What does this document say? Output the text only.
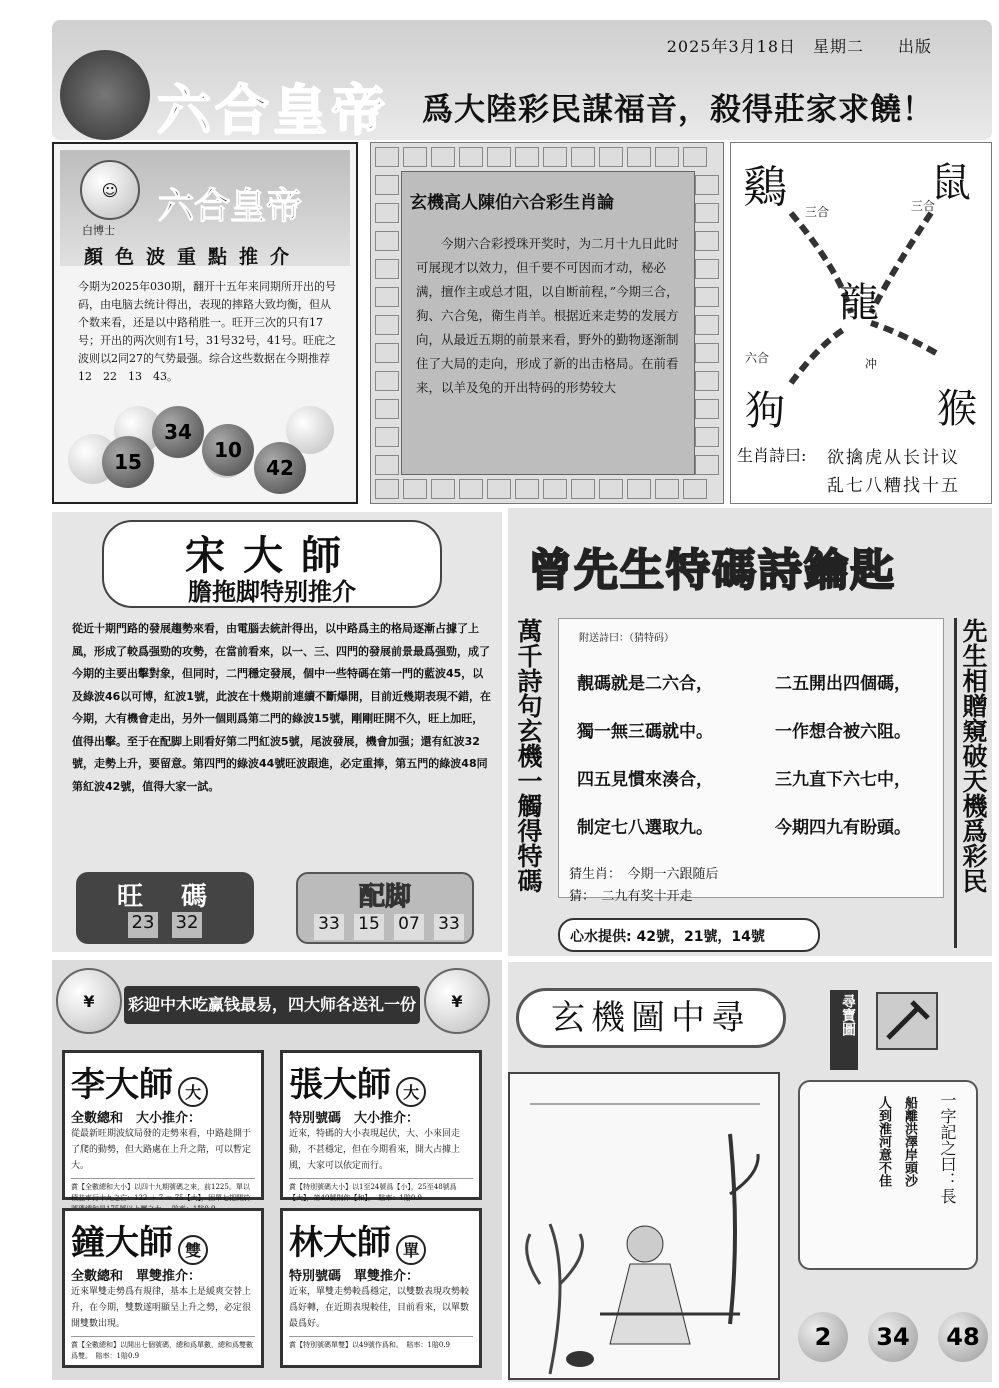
2025年3月18日　星期二　　出版
六合皇帝 爲大陸彩民謀福音，殺得莊家求饒！
☺
白博士
六合皇帝
顏色波重點推介
今期为2025年030期，翻开十五年来同期所开出的号码，由电脑去统计得出，表现的摔路大致均衡，但从个数来看，还是以中路稍胜一。旺开三次的只有17号；开出的两次则有1号，31号32号，41号。旺庇之波则以2同27的气势最强。综合这些数据在今期推荐12　22　13　43。
15
34
10
42
玄機高人陳伯六合彩生肖論
今期六合彩授珠开奖时，为二月十九日此时可展现才以效力，但千要不可因而才动，秘必满，擅作主或总才阻，以自断前程，”今期三合，狗、六合兔，衛生肖羊。根据近来走势的发展方向，从最近五期的前景来看，野外的勤物逐渐制住了大局的走向，形成了新的出击格局。在前看来，以羊及兔的开出特码的形势较大
鷄	鼠
龍
狗	猴
三合	三合
六合	冲
生肖詩曰: 欲擒虎从长计议
乱七八糟找十五
宋大師
膽拖脚特别推介
從近十期門路的發展趨勢來看，由電腦去統計得出，以中路爲主的格局逐漸占據了上風，形成了較爲强勁的攻勢，在當前看來，以一、三、四門的發展前景最爲强勁，成了今期的主要出擊對象，但同时，二門穩定發展，個中一些特碼在第一門的藍波45，以及綠波46以可博，紅波1號，此波在十幾期前連續不斷爆開，目前近幾期表現不錯，在今期，大有機會走出，另外一個則爲第二門的綠波15號，剛剛旺開不久，旺上加旺，值得出擊。至于在配脚上則看好第二門紅波5號，尾波發展，機會加强；還有紅波32號，走勢上升，要留意。第四門的綠波44號旺波跟進，必定重捧，第五門的綠波48同第紅波42號，值得大家一試。
旺　碼
23 32
配脚
33 15 07 33
曾先生特碼詩鑰匙
萬千詩句玄機一觸得特碼	先生相贈窺破天機爲彩民
附送詩曰：（猜特码）
靚碼就是二六合，	二五開出四個碼，
獨一無三碼就中。	一作想合被六阻。
四五見慣來湊合，	三九直下六七中，
制定七八選取九。	今期四九有盼頭。
猜生肖：　今期一六跟随后
猜：　二九有奖十开走
心水提供: 42號，21號，14號
¥	¥
彩迎中木吃赢钱最易，四大师各送礼一份
李大師 大
全數總和　大小推介：
從最新旺期波紋局發的走勢來看，中路趁開于了爬的動勢，但大路處在上升之階，可以暫定大。
賞【全數總和大小】以四十九期號碼之來，前1225。單以積並率行十九之亡：122 ＋ 7 ＝ 75【大】，因單七把開於　
張大師 大
特別號碼　大小推介：
近來，特碼的大小表現起伏，大、小來回走動，不甚穩定，但在今期看來，開大占據上風，大家可以依定而行。
賞【特別號碼大小】以1至24號爲【小】，25至48號爲【大】，第49號則作【和】。　賠率：1賠0.9
鐘大師 雙
全數總和　單雙推介：
近來單雙走勢爲有規律，基本上是緩爽交替上升，在今期，雙數遂明顯呈上升之勢，必定很開雙數出現。
賞【全數總和】以開出七個號碼，總和爲單數，總和爲雙數爲雙。　賠率：1賠0.9
林大師 單
特別號碼　單雙推介：
近來，單雙走勢較爲穩定，以雙數表現攻勢較爲好轉，在近期表現較佳，目前看來，以單數最爲好。
賞【特別號碼單雙】以49號作爲和。　賠率：1賠0.9
玄機圖中尋	尋寶圖
一字記之曰：長
船離洪澤岸頭沙
人到淮河意不佳
2	34	48
